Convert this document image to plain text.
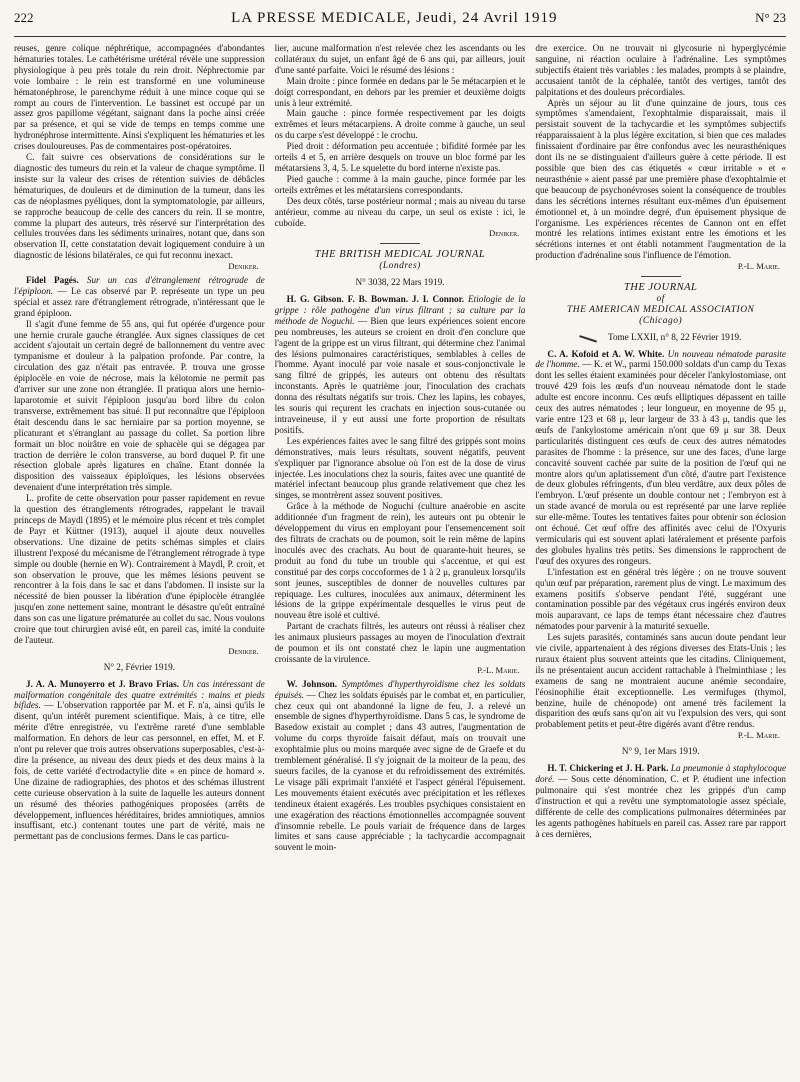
222	LA PRESSE MEDICALE, Jeudi, 24 Avril 1919	N° 23

reuses, genre colique néphrétique, accompagnées d'abondantes hématuries totales. Le cathétérisme urétéral révèle une suppression physiologique à peu près totale du rein droit. Néphrectomie par voie lombaire : le rein est transformé en une volumineuse hématonéphrose, le parenchyme réduit à une mince coque qui se rompt au cours de l'intervention. Le bassinet est occupé par un assez gros papillome végétant, saignant dans la poche ainsi créée par sa présence, et qui se vide de temps en temps comme une hydronéphrose intermittente. Ainsi s'expliquent les hématuries et les crises douloureuses. Pas de commentaires post-opératoires.

C. fait suivre ces observations de considérations sur le diagnostic des tumeurs du rein et la valeur de chaque symptôme. Il insiste sur la valeur des crises de rétention suivies de débâcles hématuriques, de douleurs et de diminution de la tumeur, dans les cas de néoplasmes pyéliques, dont la symptomatologie, par ailleurs, se rapproche beaucoup de celle des cancers du rein. Il se montre, comme la plupart des auteurs, très réservé sur l'interprétation des cellules trouvées dans les sédiments urinaires, notant que, dans son observation II, cette constatation devait logiquement conduire à un diagnostic de lésions bilatérales, ce qui fut reconnu inexact.

Deniker.

Fidel Pagés. Sur un cas d'étranglement rétrograde de l'épiploon. — Le cas observé par P. représente un type un peu spécial et assez rare d'étranglement rétrograde, n'intéressant que le grand épiploon.

Il s'agit d'une femme de 55 ans, qui fut opérée d'urgence pour une hernie crurale gauche étranglée. Aux signes classiques de cet accident s'ajoutait un certain degré de ballonnement du ventre avec tympanisme et douleur à la palpation profonde. Par contre, la circulation des gaz n'était pas entravée. P. trouva une grosse épiplocèle en voie de nécrose, mais la kélotomie ne permit pas d'arriver sur une zone non étranglée. Il pratiqua alors une hernio-laparotomie et suivit l'épiploon jusqu'au bord libre du colon transverse, extrêmement bas situé. Il put reconnaître que l'épiploon était descendu dans le sac herniaire par sa portion moyenne, se plicaturant et s'étranglant au passage du collet. Sa portion libre formait un bloc noirâtre en voie de sphacèle qui se dégagea par traction de derrière le colon transverse, au bord duquel P. fit une résection globale après ligatures en chaîne. Etant donnée la disposition des vaisseaux épiploïques, les lésions observées devenaient d'une interprétation très simple.

L. profite de cette observation pour passer rapidement en revue la question des étranglements rétrogrades, rappelant le travail princeps de Maydl (1895) et le mémoire plus récent et très complet de Payr et Küttner (1913), auquel il ajoute deux nouvelles observations. Une dizaine de petits schémas simples et clairs illustrent l'exposé du mécanisme de l'étranglement rétrograde à type simple ou double (hernie en W). Contrairement à Maydl, P. croit, et son observation le prouve, que les mêmes lésions peuvent se rencontrer à la fois dans le sac et dans l'abdomen. Il insiste sur la nécessité de bien pousser la libération d'une épiplocèle étranglée jusqu'en zone nettement saine, montrant le désastre qu'eût entraîné dans son cas une ligature prématurée au collet du sac. Nous voulons croire que tout chirurgien avisé eût, en pareil cas, imité la conduite de l'auteur.

Deniker.
N° 2, Février 1919.

J. A. A. Munoyerro et J. Bravo Frias. Un cas intéressant de malformation congénitale des quatre extrémités : mains et pieds bifides. — L'observation rapportée par M. et F. n'a, ainsi qu'ils le disent, qu'un intérêt purement scientifique. Mais, à ce titre, elle mérite d'être enregistrée, vu l'extrême rareté d'une semblable malformation. En dehors de leur cas personnel, en effet, M. et F. n'ont pu relever que trois autres observations superposables, c'est-à-dire la présence, au niveau des deux pieds et des deux mains à la fois, de cette variété d'ectrodactylie dite « en pince de homard ». Une dizaine de radiographies, des photos et des schémas illustrent cette curieuse observation à la suite de laquelle les auteurs donnent un résumé des théories pathogéniques proposées (arrêts de développement, influences héréditaires, brides amniotiques, amnios insuffisant, etc.) contenant toutes une part de vérité, mais ne permettant pas de conclusions fermes. Dans le cas particu-

lier, aucune malformation n'est relevée chez les ascendants ou les collatéraux du sujet, un enfant âgé de 6 ans qui, par ailleurs, jouit d'une santé parfaite. Voici le résumé des lésions :

Main droite : pince formée en dedans par le 5e métacarpien et le doigt correspondant, en dehors par les premier et deuxième doigts unis à leur extrémité.

Main gauche : pince formée respectivement par les doigts extrêmes et leurs métacarpiens. A droite comme à gauche, un seul os du carpe s'est développé : le crochu.

Pied droit : déformation peu accentuée ; bifidité formée par les orteils 4 et 5, en arrière desquels on trouve un bloc formé par les métatarsiens 3, 4, 5. Le squelette du bord interne n'existe pas.

Pied gauche : comme à la main gauche, pince formée par les orteils extrêmes et les métatarsiens correspondants.

Des deux côtés, tarse postérieur normal ; mais au niveau du tarse antérieur, comme au niveau du carpe, un seul os existe : ici, le cuboïde.

Deniker.
THE BRITISH MEDICAL JOURNAL
(Londres)
N° 3038, 22 Mars 1919.

H. G. Gibson. F. B. Bowman. J. I. Connor. Etiologie de la grippe : rôle pathogène d'un virus filtrant ; sa culture par la méthode de Noguchi. — Bien que leurs expériences soient encore peu nombreuses, les auteurs se croient en droit d'en conclure que l'agent de la grippe est un virus filtrant, qui détermine chez l'animal des lésions pulmonaires caractéristiques, semblables à celles de l'homme. Ayant inoculé par voie nasale et sous-conjonctivale le sang filtré de grippés, les auteurs ont obtenu des résultats inconstants. Après le quatrième jour, l'inoculation des crachats donna des résultats négatifs sur trois. Chez les lapins, les cobayes, les souris qui reçurent les crachats en injection sous-cutanée ou intraveineuse, il y eut aussi une forte proportion de résultats positifs.

Les expériences faites avec le sang filtré des grippés sont moins démonstratives, mais leurs résultats, souvent négatifs, peuvent s'expliquer par l'ignorance absolue où l'on est de la dose de virus injectée. Les inoculations chez la souris, faites avec une quantité de matériel infectant beaucoup plus grande relativement que chez les singes, se montrèrent assez souvent positives.

Grâce à la méthode de Noguchi (culture anaérobie en ascite additionnée d'un fragment de rein), les auteurs ont pu obtenir le développement du virus en employant pour l'ensemencement soit des filtrats de crachats ou de poumon, soit le rein même de lapins inoculés avec des crachats. Au bout de quarante-huit heures, se produit au fond du tube un trouble qui s'accentue, et qui est constitué par des corps coccoformes de 1 à 2 μ, granuleux lorsqu'ils sont jeunes, susceptibles de donner de nouvelles cultures par repiquage. Les cultures, inoculées aux animaux, déterminent les lésions de la grippe expérimentale desquelles le virus peut de nouveau être isolé et cultivé.

Partant de crachats filtrés, les auteurs ont réussi à réaliser chez les animaux plusieurs passages au moyen de l'inoculation d'extrait de poumon et ils ont constaté chez le lapin une augmentation croissante de la virulence.

P.-L. Marie.

W. Johnson. Symptômes d'hyperthyroïdisme chez les soldats épuisés. — Chez les soldats épuisés par le combat et, en particulier, chez ceux qui ont abandonné la ligne de feu, J. a relevé un ensemble de signes d'hyperthyroïdisme. Dans 5 cas, le syndrome de Basedow existait au complet ; dans 43 autres, l'augmentation de volume du corps thyroïde faisait défaut, mais on trouvait une exophtalmie plus ou moins marquée avec signe de de Graefe et du tremblement généralisé. Il s'y joignait de la moiteur de la peau, des sueurs faciles, de la cyanose et du refroidissement des extrémités. Le visage pâli exprimait l'anxiété et l'aspect général l'épuisement. Les mouvements étaient exécutés avec précipitation et les réflexes tendineux étaient exagérés. Les troubles psychiques consistaient en une exagération des réactions émotionnelles accompagnée souvent d'insomnie rebelle. Le pouls variait de fréquence dans de larges limites et sans cause appréciable ; la tachycardie accompagnait souvent le moin-

dre exercice. On ne trouvait ni glycosurie ni hyperglycémie sanguine, ni réaction oculaire à l'adrénaline. Les symptômes subjectifs étaient très variables : les malades, prompts à se plaindre, accusaient tantôt de la céphalée, tantôt des vertiges, tantôt des palpitations et des douleurs précordiales.

Après un séjour au lit d'une quinzaine de jours, tous ces symptômes s'amendaient, l'exophtalmie disparaissait, mais il persistait souvent de la tachycardie et les symptômes subjectifs réapparaissaient à la plus légère excitation, si bien que ces malades finissaient d'ordinaire par être confondus avec les neurasthéniques dont ils ne se distinguaient d'ailleurs guère à cette période. Il est possible que bien des cas étiquetés « cœur irritable » et « neurasthénie » aient passé par une première phase d'exophtalmie et que beaucoup de psychonévroses soient la conséquence de troubles dans les sécrétions internes résultant eux-mêmes d'un épuisement émotionnel et, à un moindre degré, d'un épuisement physique de l'organisme. Les expériences récentes de Cannon ont en effet montré les relations intimes existant entre les émotions et les sécrétions internes et ont établi notamment l'augmentation de la production d'adrénaline sous l'influence de l'émotion.

P.-L. Marie.
THE JOURNAL
of
THE AMERICAN MEDICAL ASSOCIATION
(Chicago)
Tome LXXII, n° 8, 22 Février 1919.

C. A. Kofoid et A. W. White. Un nouveau nématode parasite de l'homme. — K. et W., parmi 150.000 soldats d'un camp du Texas dont les selles étaient examinées pour déceler l'ankylostomiase, ont trouvé 429 fois les œufs d'un nouveau nématode dont le stade adulte est encore inconnu. Ces œufs elliptiques dépassent en taille ceux des autres nématodes ; leur longueur, en moyenne de 95 μ, varie entre 123 et 68 μ, leur largeur de 33 à 43 μ, tandis que les œufs de l'ankylostome américain n'ont que 69 μ sur 38. Deux particularités distinguent ces œufs de ceux des autres nématodes parasites de l'homme : la présence, sur une des faces, d'une large concavité souvent cachée par suite de la position de l'œuf qui ne montre alors qu'un aplatissement d'un côté, d'autre part l'existence de deux globules réfringents, d'un bleu verdâtre, aux deux pôles de l'embryon. L'œuf présente un double contour net ; l'embryon est à un stade avancé de morula ou est représenté par une larve repliée sur elle-même. Toutes les tentatives faites pour obtenir son éclosion ont échoué. Cet œuf offre des affinités avec celui de l'Oxyuris vermicularis qui est souvent aplati latéralement et présente parfois des globules hyalins très petits. Ses dimensions le rapprochent de l'œuf des oxyures des rongeurs.

L'infestation est en général très légère ; on ne trouve souvent qu'un œuf par préparation, rarement plus de vingt. Le maximum des examens positifs s'observe pendant l'été, suggérant une contamination possible par des végétaux crus ingérés environ deux mois auparavant, ce laps de temps étant nécessaire chez d'autres nématodes pour parvenir à la maturité sexuelle.

Les sujets parasités, contaminés sans aucun doute pendant leur vie civile, appartenaient à des régions diverses des Etats-Unis ; les ruraux étaient plus souvent atteints que les citadins. Cliniquement, ils ne présentaient aucun accident rattachable à l'helminthiase ; les examens de sang ne montraient aucune anémie secondaire, l'éosinophilie était exceptionnelle. Les vermifuges (thymol, benzine, huile de chénopode) ont amené très facilement la disparition des œufs sans qu'on ait vu l'expulsion des vers, qui sont probablement petits et peut-être digérés avant d'être rendus.

P.-L. Marie.
N° 9, 1er Mars 1919.

H. T. Chickering et J. H. Park. La pneumonie à staphylocoque doré. — Sous cette dénomination, C. et P. étudient une infection pulmonaire qui s'est montrée chez les grippés d'un camp d'instruction et qui a revêtu une symptomatologie assez spéciale, différente de celle des complications pulmonaires déterminées par les agents pathogènes habituels en pareil cas. Assez rare par rapport à ces dernières,
